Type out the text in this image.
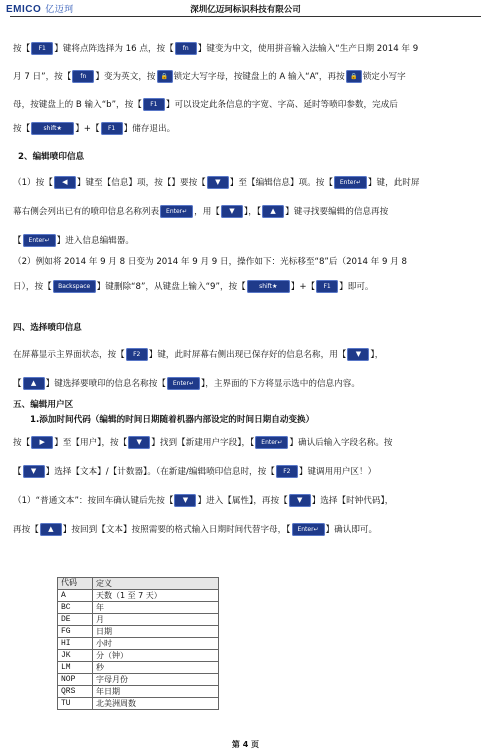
EMICO 亿迈珂	深圳亿迈珂标识科技有限公司
按【 F1 】键将点阵选择为 16 点，按【 fn 】键变为中文，使用拼音输入法输入“生产日期 2014 年 9
月 7 日”，按【 fn 】变为英文，按 🔒 锁定大写字母，按键盘上的 A 输入“A”，再按 🔒 锁定小写字
母，按键盘上的 B 输入“b”，按【 F1 】可以设定此条信息的字宽、字高、延时等喷印参数，完成后
按【 shift★ 】+【 F1 】储存退出。
2、编辑喷印信息
（1）按【 ◀	】键至【信息】项，按【】要按【 ▼	】至【编辑信息】项。按【 Enter↵ 】键，此时屏
幕右侧会列出已有的喷印信息名称列表 Enter↵ ，用【 ▼	】，【 ▲	】键寻找要编辑的信息再按
【 Enter↵ 】进入信息编辑器。
（2）例如将 2014 年 9 月 8 日变为 2014 年 9 月 9 日，操作如下：光标移至“8”后（2014 年 9 月 8
日），按【 Backspace 】键删除“8”，从键盘上输入“9”，按【 shift★ 】+【 F1 】即可。
四、选择喷印信息
在屏幕显示主界面状态，按【 F2 】键，此时屏幕右侧出现已保存好的信息名称，用【 ▼	】，
【 ▲	】键选择要喷印的信息名称按【 Enter↵ 】，主界面的下方将显示选中的信息内容。
五、编辑用户区
1.添加时间代码（编辑的时间日期随着机器内部设定的时间日期自动变换）
按【 ▶	】至【用户】，按【 ▼	】找到【新建用户字段】，【 Enter↵ 】确认后输入字段名称。按
【 ▼	】选择【文本】/【计数器】。（在新建/编辑喷印信息时，按【 F2 】键调用用户区！）
（1）“普通文本”：按回车确认键后先按【 ▼	】进入【属性】，再按【 ▼	】选择【时钟代码】，
再按【 ▲	】按回到【文本】按照需要的格式输入日期时间代替字母，【 Enter↵ 】确认即可。
代码	定义
A	天数（1 至 7 天）
BC	年
DE	月
FG	日期
HI	小时
JK	分（钟）
LM	秒
NOP	字母月份
QRS	年日期
TU	北美洲周数
第 4 页
